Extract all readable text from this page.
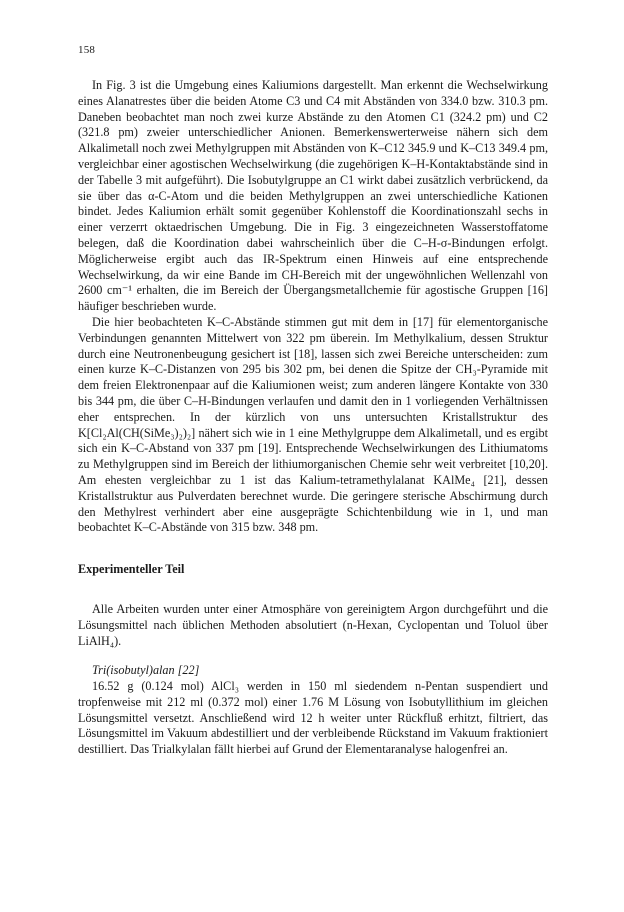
158

In Fig. 3 ist die Umgebung eines Kaliumions dargestellt. Man erkennt die Wechselwirkung eines Alanatrestes über die beiden Atome C3 und C4 mit Abständen von 334.0 bzw. 310.3 pm. Daneben beobachtet man noch zwei kurze Abstände zu den Atomen C1 (324.2 pm) und C2 (321.8 pm) zweier unterschiedlicher Anionen. Bemerkenswerterweise nähern sich dem Alkalimetall noch zwei Methylgruppen mit Abständen von K–C12 345.9 und K–C13 349.4 pm, vergleichbar einer agostischen Wechselwirkung (die zugehörigen K–H-Kontaktabstände sind in der Tabelle 3 mit aufgeführt). Die Isobutylgruppe an C1 wirkt dabei zusätzlich verbrückend, da sie über das α-C-Atom und die beiden Methylgruppen an zwei unterschiedliche Kationen bindet. Jedes Kaliumion erhält somit gegenüber Kohlenstoff die Koordinationszahl sechs in einer verzerrt oktaedrischen Umgebung. Die in Fig. 3 eingezeichneten Wasserstoffatome belegen, daß die Koordination dabei wahrscheinlich über die C–H-σ-Bindungen erfolgt. Möglicherweise ergibt auch das IR-Spektrum einen Hinweis auf eine entsprechende Wechselwirkung, da wir eine Bande im CH-Bereich mit der ungewöhnlichen Wellenzahl von 2600 cm⁻¹ erhalten, die im Bereich der Übergangsmetallchemie für agostische Gruppen [16] häufiger beschrieben wurde.

Die hier beobachteten K–C-Abstände stimmen gut mit dem in [17] für elementorganische Verbindungen genannten Mittelwert von 322 pm überein. Im Methylkalium, dessen Struktur durch eine Neutronenbeugung gesichert ist [18], lassen sich zwei Bereiche unterscheiden: zum einen kurze K–C-Distanzen von 295 bis 302 pm, bei denen die Spitze der CH₃-Pyramide mit dem freien Elektronenpaar auf die Kaliumionen weist; zum anderen längere Kontakte von 330 bis 344 pm, die über C–H-Bindungen verlaufen und damit den in 1 vorliegenden Verhältnissen eher entsprechen. In der kürzlich von uns untersuchten Kristallstruktur des K[Cl₂Al(CH(SiMe₃)₂)₂] nähert sich wie in 1 eine Methylgruppe dem Alkalimetall, und es ergibt sich ein K–C-Abstand von 337 pm [19]. Entsprechende Wechselwirkungen des Lithiumatoms zu Methylgruppen sind im Bereich der lithiumorganischen Chemie sehr weit verbreitet [10,20]. Am ehesten vergleichbar zu 1 ist das Kalium-tetramethylalanat KAlMe₄ [21], dessen Kristallstruktur aus Pulverdaten berechnet wurde. Die geringere sterische Abschirmung durch den Methylrest verhindert aber eine ausgeprägte Schichtenbildung wie in 1, und man beobachtet K–C-Abstände von 315 bzw. 348 pm.

Experimenteller Teil

Alle Arbeiten wurden unter einer Atmosphäre von gereinigtem Argon durchgeführt und die Lösungsmittel nach üblichen Methoden absolutiert (n-Hexan, Cyclopentan und Toluol über LiAlH₄).

Tri(isobutyl)alan [22]

16.52 g (0.124 mol) AlCl₃ werden in 150 ml siedendem n-Pentan suspendiert und tropfenweise mit 212 ml (0.372 mol) einer 1.76 M Lösung von Isobutyllithium im gleichen Lösungsmittel versetzt. Anschließend wird 12 h weiter unter Rückfluß erhitzt, filtriert, das Lösungsmittel im Vakuum abdestilliert und der verbleibende Rückstand im Vakuum fraktioniert destilliert. Das Trialkylalan fällt hierbei auf Grund der Elementaranalyse halogenfrei an.
